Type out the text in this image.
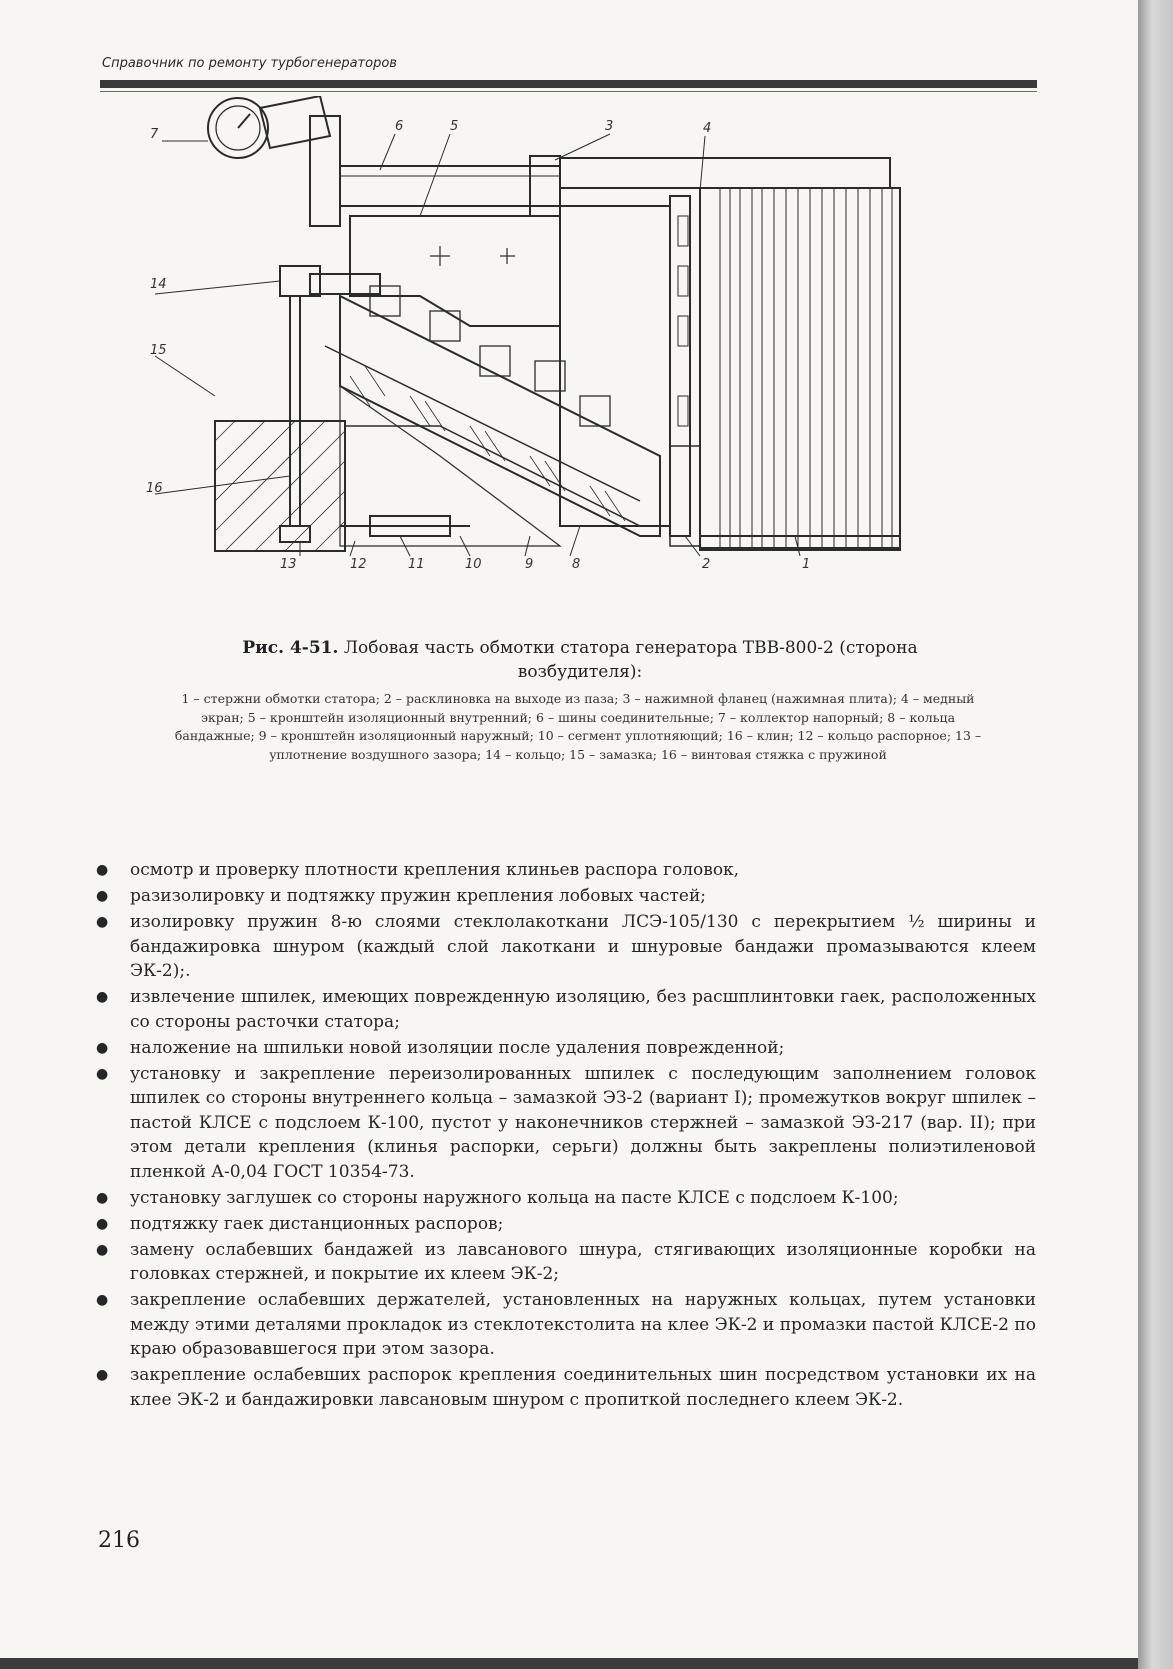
Справочник по ремонту турбогенераторов
7
6	5	3	4
14
15
16
13	12	11	10	9	8	2	1
Рис. 4-51. Лобовая часть обмотки статора генератора ТВВ-800-2 (сторона возбудителя):
1 – стержни обмотки статора; 2 – расклиновка на выходе из паза; 3 – нажимной фланец (нажимная плита); 4 – медный экран; 5 – кронштейн изоляционный внутренний; 6 – шины соединительные; 7 – коллектор напорный; 8 – кольца бандажные; 9 – кронштейн изоляционный наружный; 10 – сегмент уплотняющий; 16 – клин; 12 – кольцо распорное; 13 – уплотнение воздушного зазора; 14 – кольцо; 15 – замазка; 16 – винтовая стяжка с пружиной
● осмотр и проверку плотности крепления клиньев распора головок,
● разизолировку и подтяжку пружин крепления лобовых частей;
● изолировку пружин 8-ю слоями стеклолакоткани ЛСЭ-105/130 с перекрытием ½ ширины и бандажировка шнуром (каждый слой лакоткани и шнуровые бандажи промазываются клеем ЭК-2);.
● извлечение шпилек, имеющих поврежденную изоляцию, без расшплинтовки гаек, расположенных со стороны расточки статора;
● наложение на шпильки новой изоляции после удаления поврежденной;
● установку и закрепление переизолированных шпилек с последующим заполнением головок шпилек со стороны внутреннего кольца – замазкой ЭЗ-2 (вариант I); промежутков вокруг шпилек – пастой КЛСЕ с подслоем К-100, пустот у наконечников стержней – замазкой ЭЗ-217 (вар. II); при этом детали крепления (клинья распорки, серьги) должны быть закреплены полиэтиленовой пленкой А-0,04 ГОСТ 10354-73.
● установку заглушек со стороны наружного кольца на пасте КЛСЕ с подслоем К-100;
● подтяжку гаек дистанционных распоров;
● замену ослабевших бандажей из лавсанового шнура, стягивающих изоляционные коробки на головках стержней, и покрытие их клеем ЭК-2;
● закрепление ослабевших держателей, установленных на наружных кольцах, путем установки между этими деталями прокладок из стеклотекстолита на клее ЭК-2 и промазки пастой КЛСЕ-2 по краю образовавшегося при этом зазора.
● закрепление ослабевших распорок крепления соединительных шин посредством установки их на клее ЭК-2 и бандажировки лавсановым шнуром с пропиткой последнего клеем ЭК-2.
216
